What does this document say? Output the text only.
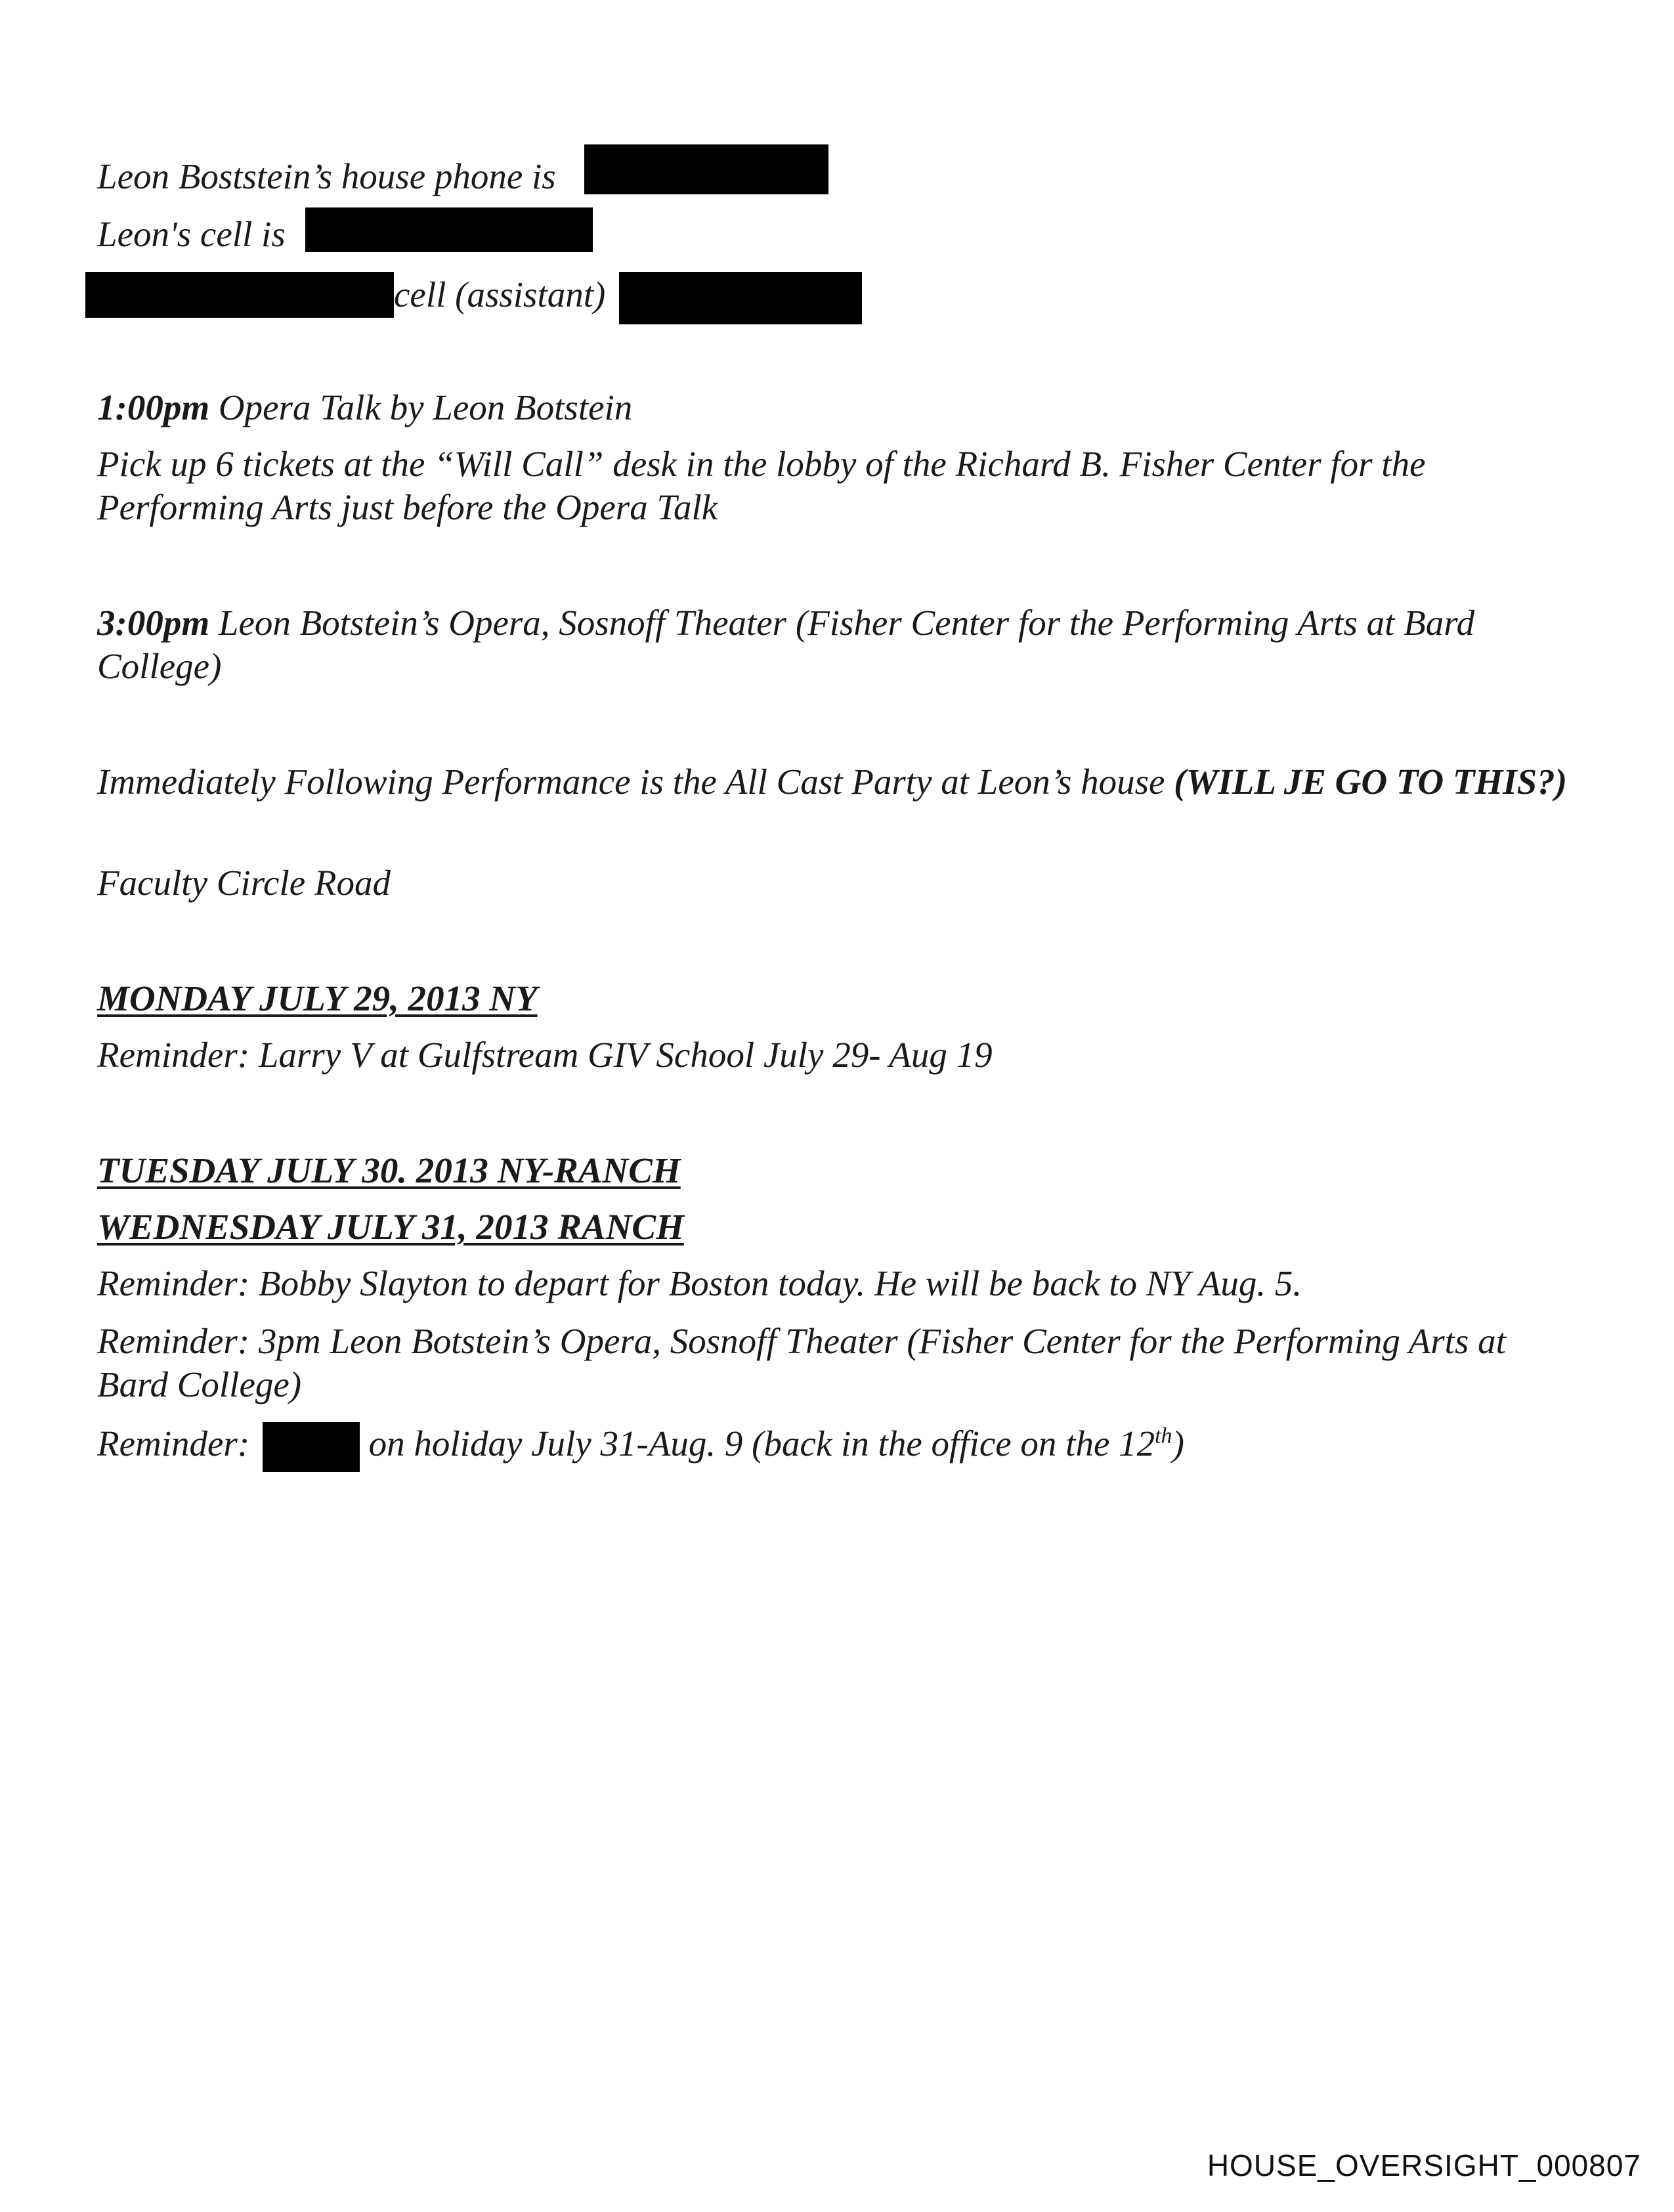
Leon Boststein’s house phone is
Leon's cell is
cell (assistant)
1:00pm Opera Talk by Leon Botstein
Pick up 6 tickets at the “Will Call” desk in the lobby of the Richard B. Fisher Center for the Performing Arts just before the Opera Talk
3:00pm Leon Botstein’s Opera, Sosnoff Theater (Fisher Center for the Performing Arts at Bard College)
Immediately Following Performance is the All Cast Party at Leon’s house (WILL JE GO TO THIS?)
Faculty Circle Road
MONDAY JULY 29, 2013 NY
Reminder: Larry V at Gulfstream GIV School July 29- Aug 19
TUESDAY JULY 30. 2013 NY-RANCH
WEDNESDAY JULY 31, 2013 RANCH
Reminder: Bobby Slayton to depart for Boston today. He will be back to NY Aug. 5.
Reminder: 3pm Leon Botstein’s Opera, Sosnoff Theater (Fisher Center for the Performing Arts at Bard College)
Reminder:	on holiday July 31-Aug. 9 (back in the office on the 12th)
HOUSE_OVERSIGHT_000807
